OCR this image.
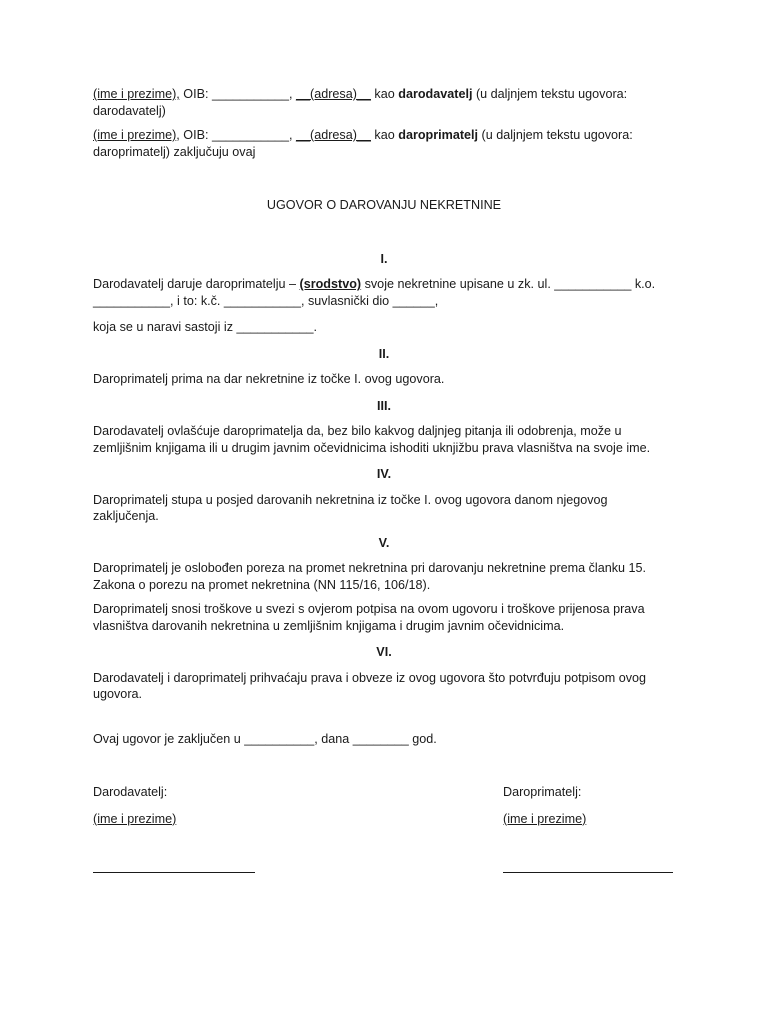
(ime i prezime), OIB: ___________, __(adresa)__ kao darodavatelj (u daljnjem tekstu ugovora: darodavatelj)

(ime i prezime), OIB: ___________, __(adresa)__ kao daroprimatelj (u daljnjem tekstu ugovora: daroprimatelj) zaključuju ovaj

UGOVOR O DAROVANJU NEKRETNINE

I.

Darodavatelj daruje daroprimatelju – (srodstvo) svoje nekretnine upisane u zk. ul. ___________ k.o. ___________, i to: k.č. ___________, suvlasnički dio ______,

koja se u naravi sastoji iz ___________.

II.

Daroprimatelj prima na dar nekretnine iz točke I. ovog ugovora.

III.

Darodavatelj ovlašćuje daroprimatelja da, bez bilo kakvog daljnjeg pitanja ili odobrenja, može u zemljišnim knjigama ili u drugim javnim očevidnicima ishoditi uknjižbu prava vlasništva na svoje ime.

IV.

Daroprimatelj stupa u posjed darovanih nekretnina iz točke I. ovog ugovora danom njegovog zaključenja.

V.

Daroprimatelj je oslobođen poreza na promet nekretnina pri darovanju nekretnine prema članku 15. Zakona o porezu na promet nekretnina (NN 115/16, 106/18).

Daroprimatelj snosi troškove u svezi s ovjerom potpisa na ovom ugovoru i troškove prijenosa prava vlasništva darovanih nekretnina u zemljišnim knjigama i drugim javnim očevidnicima.

VI.

Darodavatelj i daroprimatelj prihvaćaju prava i obveze iz ovog ugovora što potvrđuju potpisom ovog ugovora.

Ovaj ugovor je zaključen u __________, dana ________ god.

Darodavatelj:

(ime i prezime)

Daroprimatelj:

(ime i prezime)
